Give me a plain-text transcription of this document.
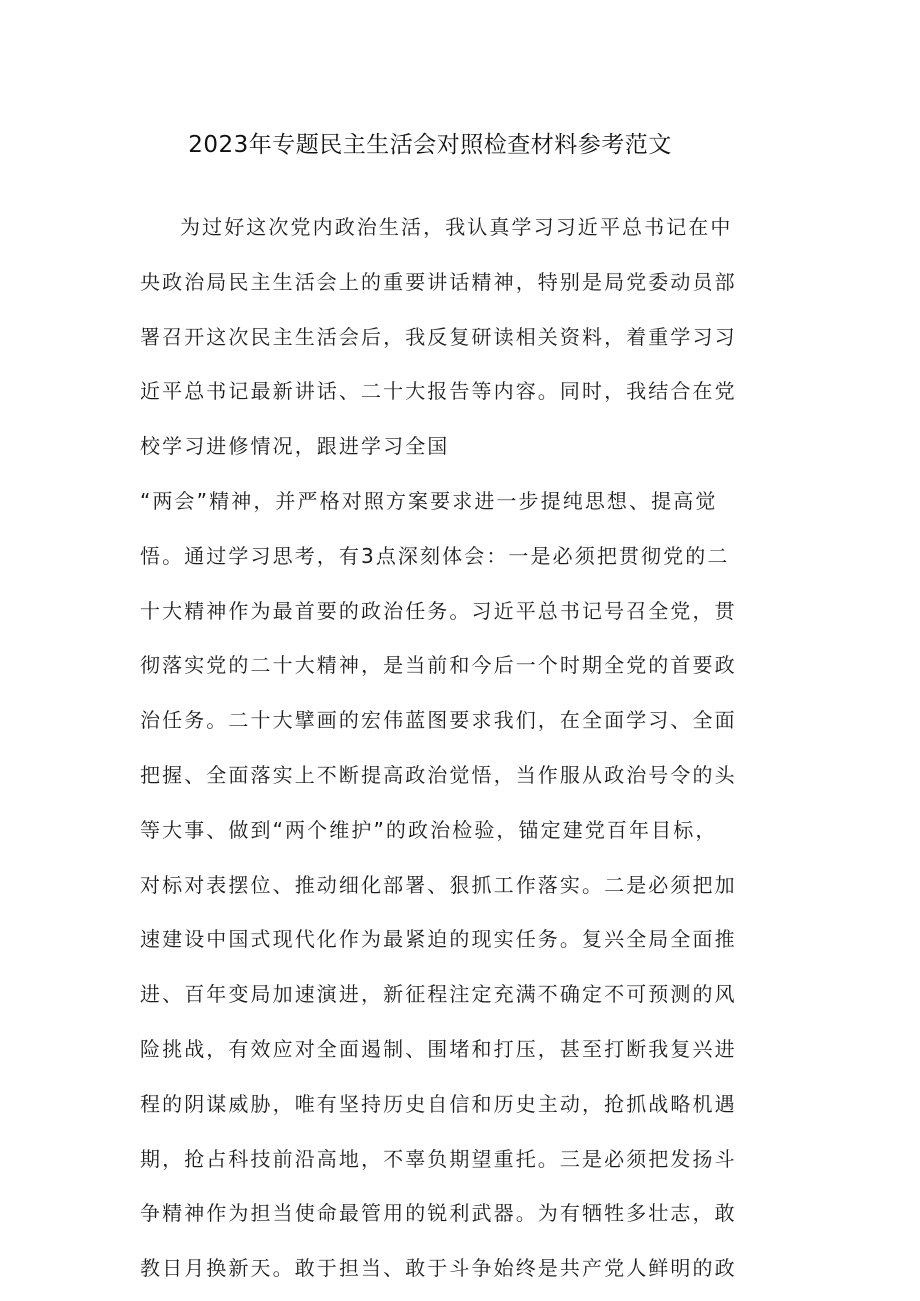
2023年专题民主生活会对照检查材料参考范文
为过好这次党内政治生活，我认真学习习近平总书记在中
央政治局民主生活会上的重要讲话精神，特别是局党委动员部
署召开这次民主生活会后，我反复研读相关资料，着重学习习
近平总书记最新讲话、二十大报告等内容。同时，我结合在党
校学习进修情况，跟进学习全国
“两会”精神，并严格对照方案要求进一步提纯思想、提高觉
悟。通过学习思考，有3点深刻体会：一是必须把贯彻党的二
十大精神作为最首要的政治任务。习近平总书记号召全党，贯
彻落实党的二十大精神，是当前和今后一个时期全党的首要政
治任务。二十大擘画的宏伟蓝图要求我们，在全面学习、全面
把握、全面落实上不断提高政治觉悟，当作服从政治号令的头
等大事、做到“两个维护”的政治检验，锚定建党百年目标，
对标对表摆位、推动细化部署、狠抓工作落实。二是必须把加
速建设中国式现代化作为最紧迫的现实任务。复兴全局全面推
进、百年变局加速演进，新征程注定充满不确定不可预测的风
险挑战，有效应对全面遏制、围堵和打压，甚至打断我复兴进
程的阴谋威胁，唯有坚持历史自信和历史主动，抢抓战略机遇
期，抢占科技前沿高地，不辜负期望重托。三是必须把发扬斗
争精神作为担当使命最管用的锐利武器。为有牺牲多壮志，敢
教日月换新天。敢于担当、敢于斗争始终是共产党人鲜明的政
